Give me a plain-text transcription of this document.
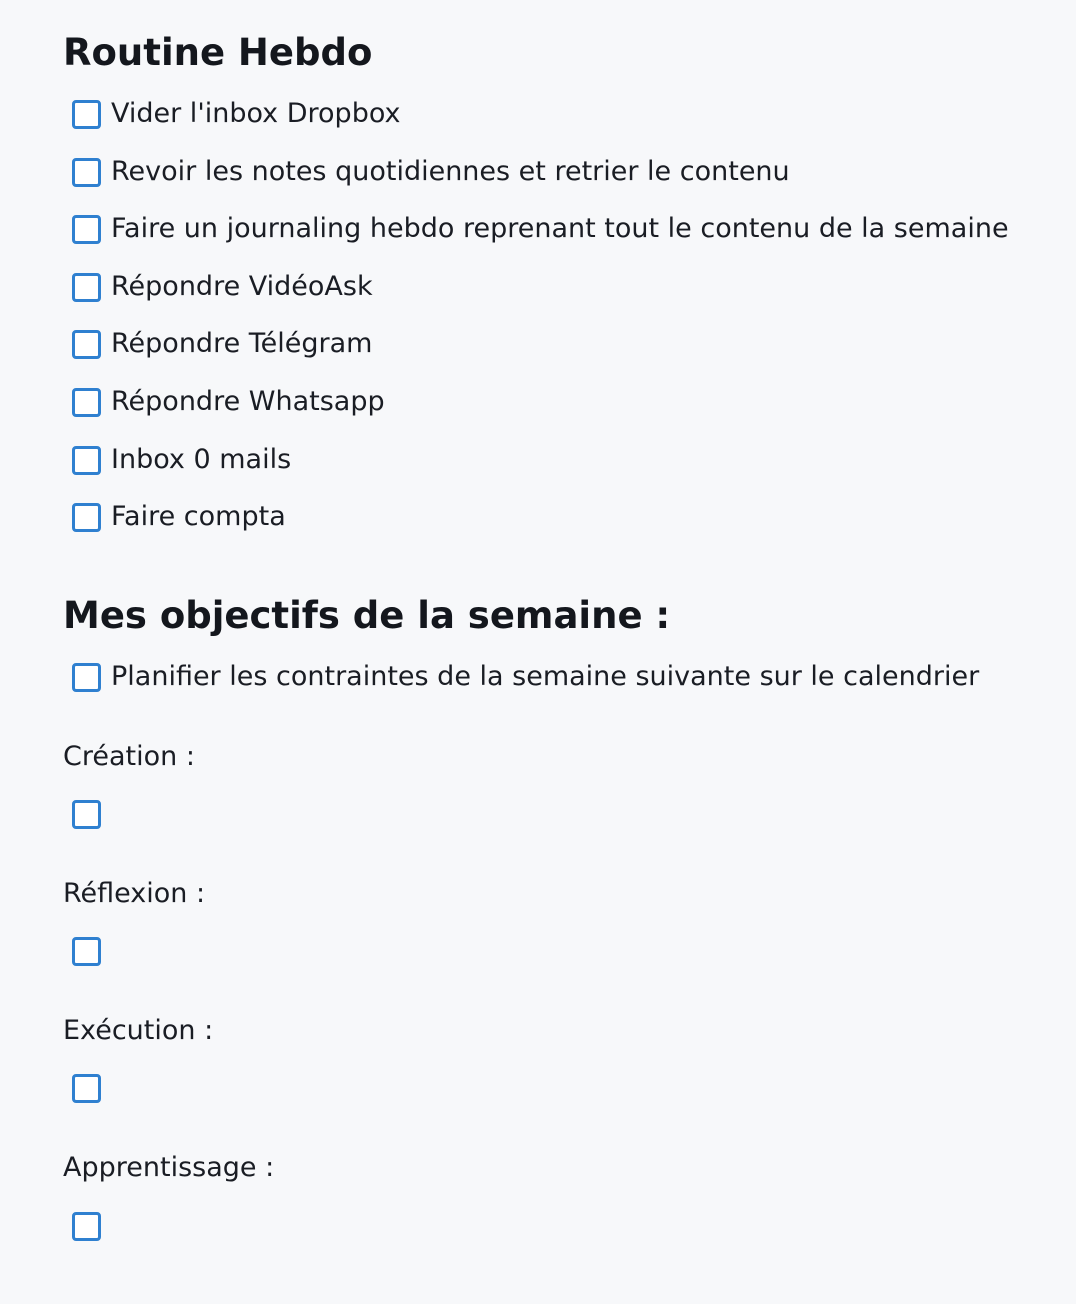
Routine Hebdo
Vider l'inbox Dropbox
Revoir les notes quotidiennes et retrier le contenu
Faire un journaling hebdo reprenant tout le contenu de la semaine
Répondre VidéoAsk
Répondre Télégram
Répondre Whatsapp
Inbox 0 mails
Faire compta
Mes objectifs de la semaine :
Planifier les contraintes de la semaine suivante sur le calendrier
Création :
Réflexion :
Exécution :
Apprentissage :
